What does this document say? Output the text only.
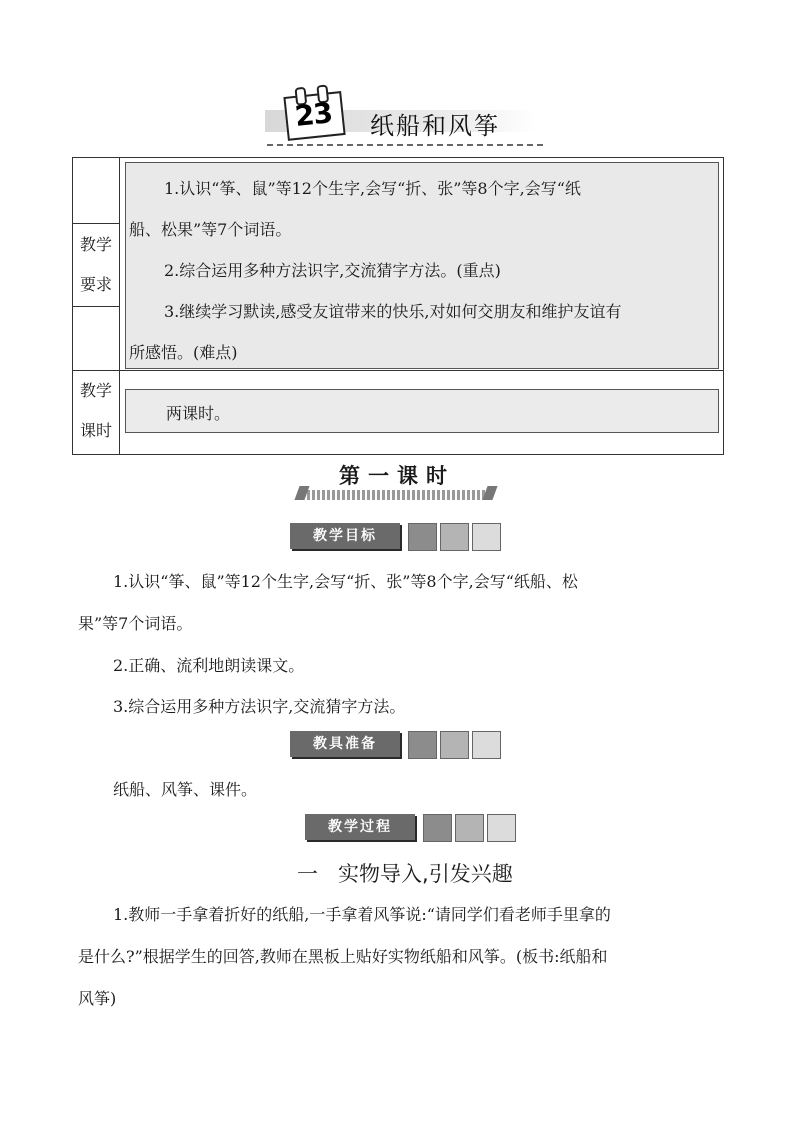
23	纸船和风筝
教学
要求
1.认识“筝、鼠”等12个生字,会写“折、张”等8个字,会写“纸
船、松果”等7个词语。
2.综合运用多种方法识字,交流猜字方法。(重点)
3.继续学习默读,感受友谊带来的快乐,对如何交朋友和维护友谊有
所感悟。(难点)
教学
课时
两课时。
第一课时
教学目标
1.认识“筝、鼠”等12个生字,会写“折、张”等8个字,会写“纸船、松
果”等7个词语。
2.正确、流利地朗读课文。
3.综合运用多种方法识字,交流猜字方法。
教具准备
纸船、风筝、课件。
教学过程
一   实物导入,引发兴趣
1.教师一手拿着折好的纸船,一手拿着风筝说:“请同学们看老师手里拿的
是什么?”根据学生的回答,教师在黑板上贴好实物纸船和风筝。(板书:纸船和
风筝)
